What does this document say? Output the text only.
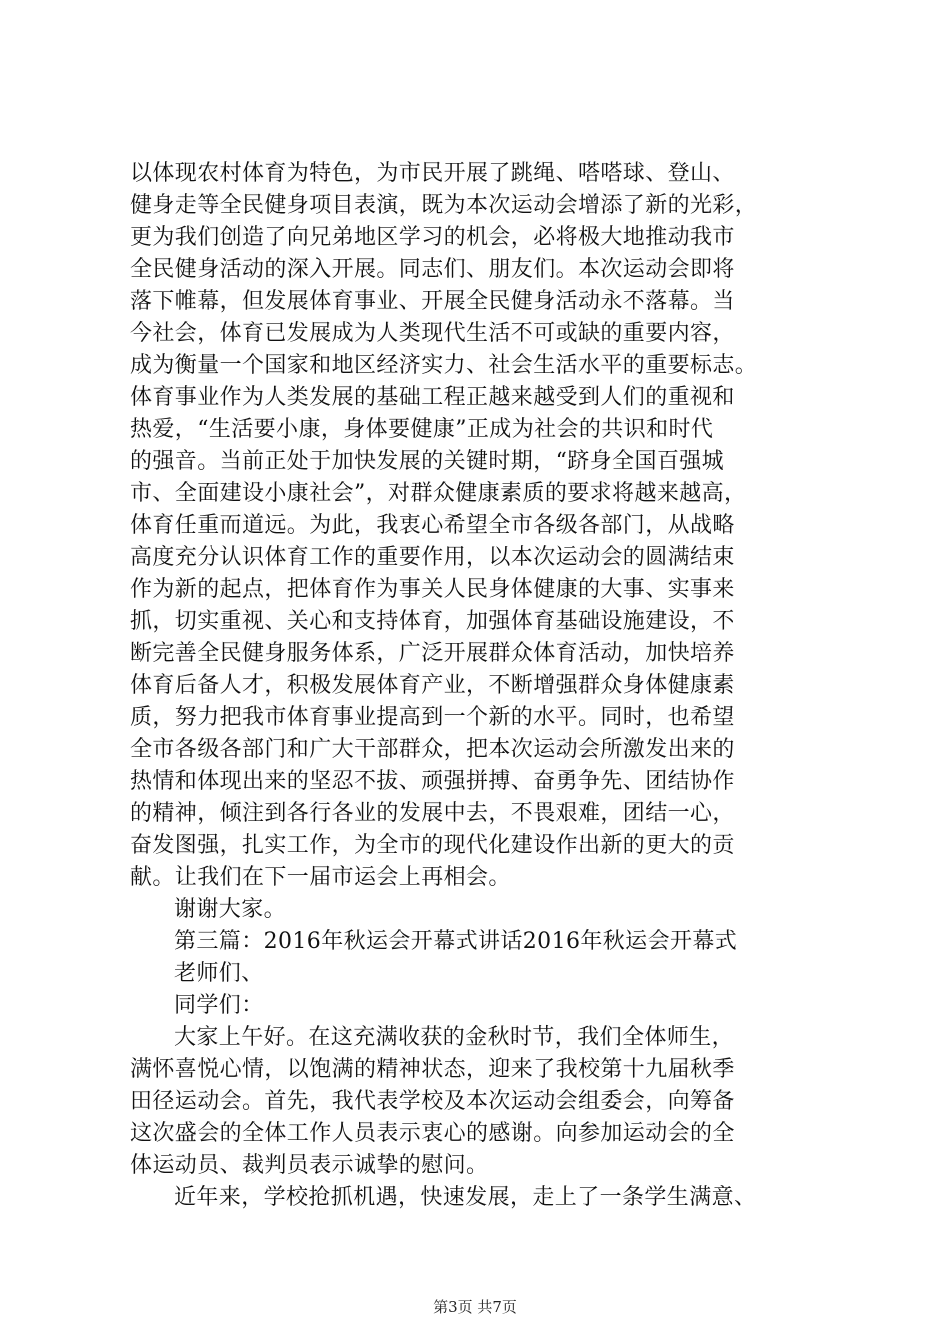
以体现农村体育为特色，为市民开展了跳绳、嗒嗒球、登山、
健身走等全民健身项目表演，既为本次运动会增添了新的光彩，
更为我们创造了向兄弟地区学习的机会，必将极大地推动我市
全民健身活动的深入开展。同志们、朋友们。本次运动会即将
落下帷幕，但发展体育事业、开展全民健身活动永不落幕。当
今社会，体育已发展成为人类现代生活不可或缺的重要内容，
成为衡量一个国家和地区经济实力、社会生活水平的重要标志。
体育事业作为人类发展的基础工程正越来越受到人们的重视和
热爱，“生活要小康，身体要健康”正成为社会的共识和时代
的强音。当前正处于加快发展的关键时期，“跻身全国百强城
市、全面建设小康社会”，对群众健康素质的要求将越来越高，
体育任重而道远。为此，我衷心希望全市各级各部门，从战略
高度充分认识体育工作的重要作用，以本次运动会的圆满结束
作为新的起点，把体育作为事关人民身体健康的大事、实事来
抓，切实重视、关心和支持体育，加强体育基础设施建设，不
断完善全民健身服务体系，广泛开展群众体育活动，加快培养
体育后备人才，积极发展体育产业，不断增强群众身体健康素
质，努力把我市体育事业提高到一个新的水平。同时，也希望
全市各级各部门和广大干部群众，把本次运动会所激发出来的
热情和体现出来的坚忍不拔、顽强拼搏、奋勇争先、团结协作
的精神，倾注到各行各业的发展中去，不畏艰难，团结一心，
奋发图强，扎实工作，为全市的现代化建设作出新的更大的贡
献。让我们在下一届市运会上再相会。
谢谢大家。
第三篇：2016年秋运会开幕式讲话2016年秋运会开幕式
老师们、
同学们：
大家上午好。在这充满收获的金秋时节，我们全体师生，
满怀喜悦心情，以饱满的精神状态，迎来了我校第十九届秋季
田径运动会。首先，我代表学校及本次运动会组委会，向筹备
这次盛会的全体工作人员表示衷心的感谢。向参加运动会的全
体运动员、裁判员表示诚挚的慰问。
近年来，学校抢抓机遇，快速发展，走上了一条学生满意、
第3页 共7页
